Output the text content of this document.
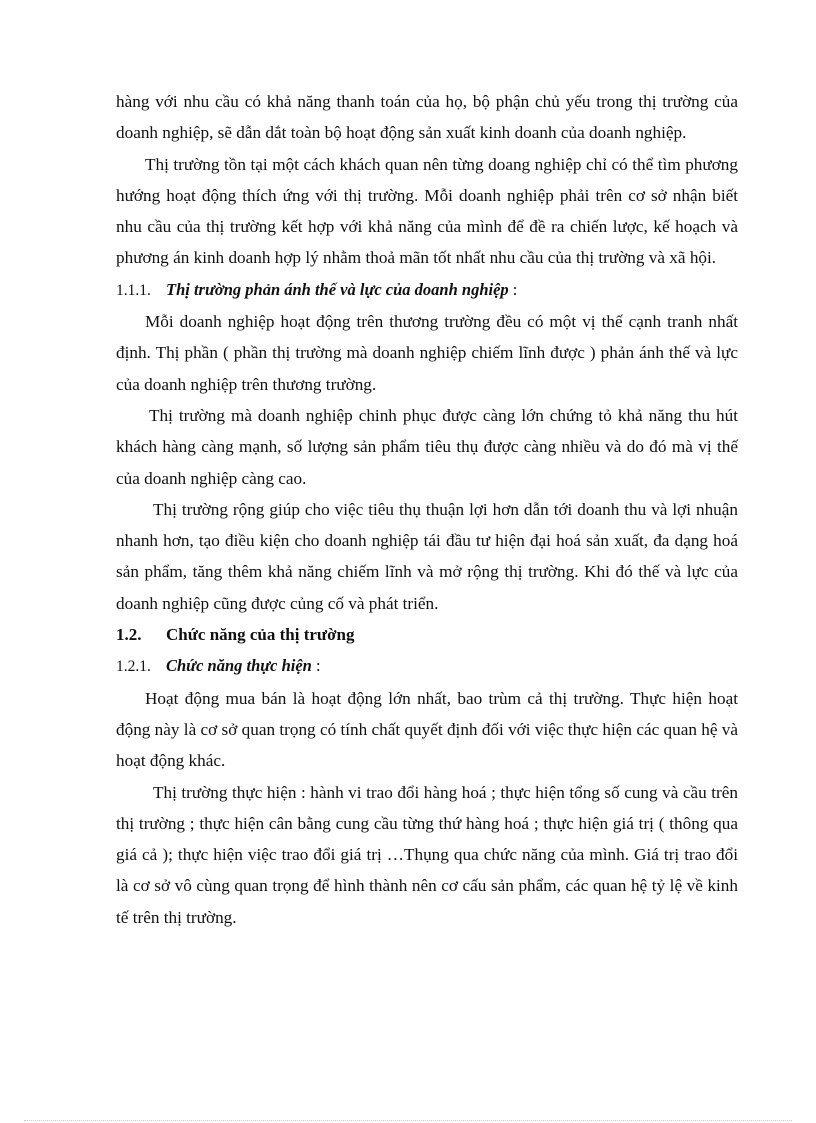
hàng với nhu cầu có khả năng thanh toán của họ, bộ phận chủ yếu trong thị trường của doanh nghiệp, sẽ dẫn dắt toàn bộ hoạt động sản xuất kinh doanh của doanh nghiệp.

Thị trường tồn tại một cách khách quan nên từng doang nghiệp chỉ có thể tìm phương hướng hoạt động thích ứng với thị trường. Mỗi doanh nghiệp phải trên cơ sở nhận biết nhu cầu của thị trường kết hợp với khả năng của mình để đề ra chiến lược, kế hoạch và phương án kinh doanh hợp lý nhằm thoả mãn tốt nhất nhu cầu của thị trường và xã hội.

1.1.1. Thị trường phản ánh thế và lực của doanh nghiệp :

Mỗi doanh nghiệp hoạt động trên thương trường đều có một vị thế cạnh tranh nhất định. Thị phần ( phần thị trường mà doanh nghiệp chiếm lĩnh được ) phản ánh thế và lực của doanh nghiệp trên thương trường.

Thị trường mà doanh nghiệp chinh phục được càng lớn chứng tỏ khả năng thu hút khách hàng càng mạnh, số lượng sản phẩm tiêu thụ được càng nhiều và do đó mà vị thế của doanh nghiệp càng cao.

Thị trường rộng giúp cho việc tiêu thụ thuận lợi hơn dẫn tới doanh thu và lợi nhuận nhanh hơn, tạo điều kiện cho doanh nghiệp tái đầu tư hiện đại hoá sản xuất, đa dạng hoá sản phẩm, tăng thêm khả năng chiếm lĩnh và mở rộng thị trường. Khi đó thế và lực của doanh nghiệp cũng được củng cố và phát triển.

1.2.	Chức năng của thị trường
1.2.1. Chức năng thực hiện :

Hoạt động mua bán là hoạt động lớn nhất, bao trùm cả thị trường. Thực hiện hoạt động này là cơ sở quan trọng có tính chất quyết định đối với việc thực hiện các quan hệ và hoạt động khác.

Thị trường thực hiện : hành vi trao đổi hàng hoá ; thực hiện tổng số cung và cầu trên thị trường ; thực hiện cân bằng cung cầu từng thứ hàng hoá ; thực hiện giá trị ( thông qua giá cả ); thực hiện việc trao đổi giá trị …Thụng qua chức năng của mình. Giá trị trao đổi là cơ sở vô cùng quan trọng để hình thành nên cơ cấu sản phẩm, các quan hệ tỷ lệ về kinh tế trên thị trường.
